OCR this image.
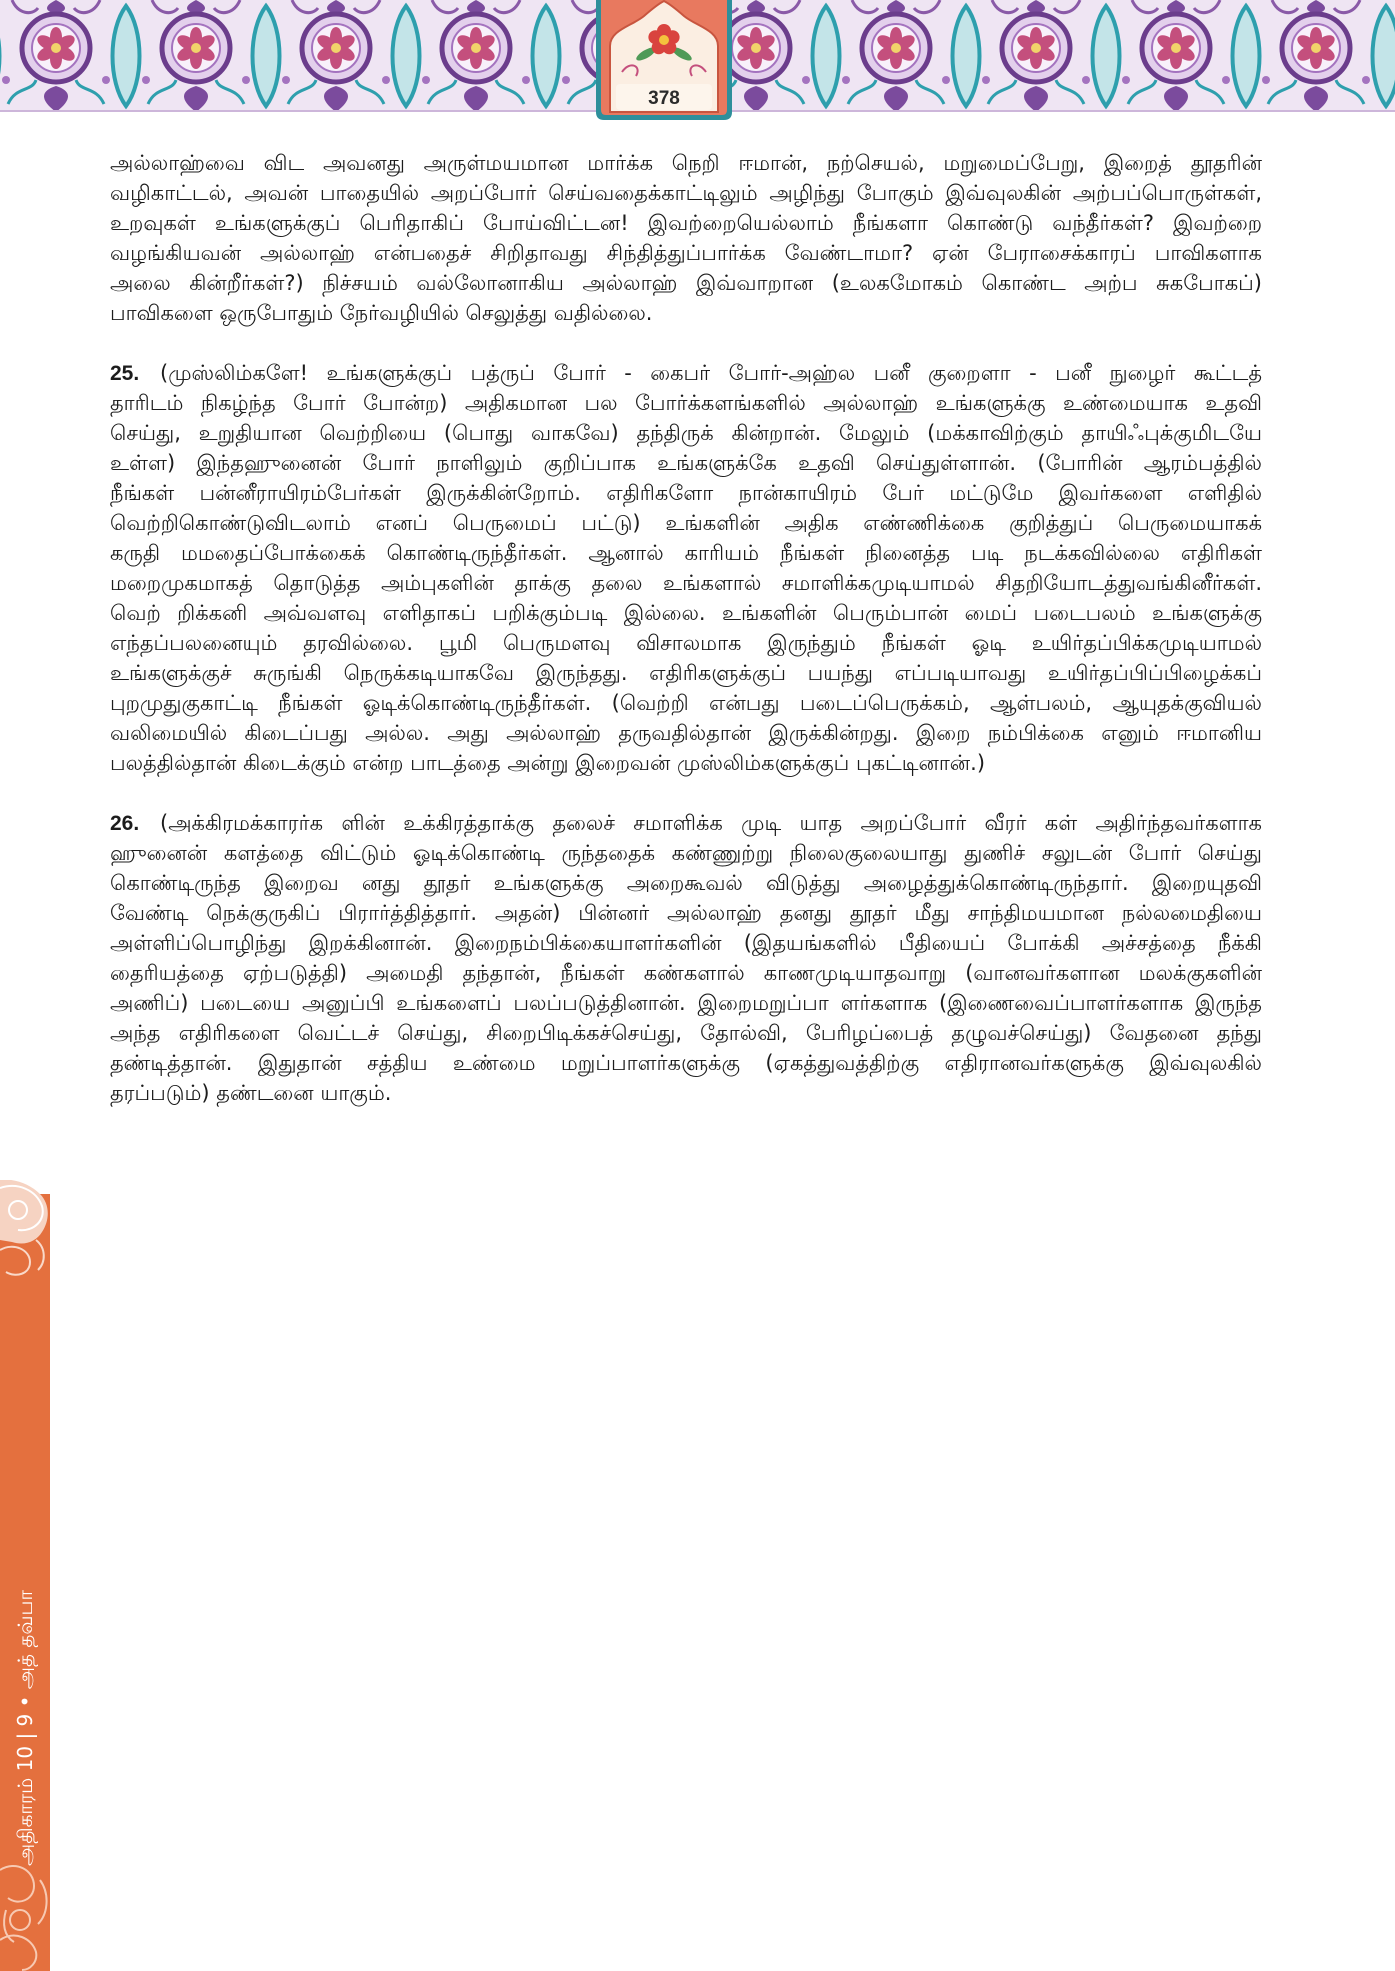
378
அல்லாஹ்வை விட அவனது அருள்மயமான மார்க்க நெறி ஈமான், நற்செயல், மறுமைப்பேறு, இறைத் தூதரின்
வழிகாட்டல், அவன் பாதையில் அறப்போர் செய்வதைக்காட்டிலும் அழிந்து போகும் இவ்வுலகின் அற்பப்பொருள்கள்,
உறவுகள் உங்களுக்குப் பெரிதாகிப் போய்விட்டன! இவற்றையெல்லாம் நீங்களா கொண்டு வந்தீர்கள்? இவற்றை
வழங்கியவன் அல்லாஹ் என்பதைச் சிறிதாவது சிந்தித்துப்பார்க்க வேண்டாமா? ஏன் பேராசைக்காரப் பாவிகளாக
அலை கின்றீர்கள்?) நிச்சயம் வல்லோனாகிய அல்லாஹ் இவ்வாறான (உலகமோகம் கொண்ட அற்ப சுகபோகப்)
பாவிகளை ஒருபோதும் நேர்வழியில் செலுத்து வதில்லை.
25. (முஸ்லிம்களே! உங்களுக்குப் பத்ருப் போர் - கைபர் போர்-அஹ்ல பனீ குறைளா - பனீ நுழைர் கூட்டத்
தாரிடம் நிகழ்ந்த போர் போன்ற) அதிகமான பல போர்க்களங்களில் அல்லாஹ் உங்களுக்கு உண்மையாக உதவி
செய்து, உறுதியான வெற்றியை (பொது வாகவே) தந்திருக் கின்றான். மேலும் (மக்காவிற்கும் தாயிஃபுக்குமிடயே
உள்ள) இந்தஹுனைன் போர் நாளிலும் குறிப்பாக உங்களுக்கே உதவி செய்துள்ளான். (போரின் ஆரம்பத்தில்
நீங்கள் பன்னீராயிரம்பேர்கள் இருக்கின்றோம். எதிரிகளோ நான்காயிரம் பேர் மட்டுமே இவர்களை எளிதில்
வெற்றிகொண்டுவிடலாம் எனப் பெருமைப் பட்டு) உங்களின் அதிக எண்ணிக்கை குறித்துப் பெருமையாகக்
கருதி மமதைப்போக்கைக் கொண்டிருந்தீர்கள். ஆனால் காரியம் நீங்கள் நினைத்த படி நடக்கவில்லை எதிரிகள்
மறைமுகமாகத் தொடுத்த அம்புகளின் தாக்கு தலை உங்களால் சமாளிக்கமுடியாமல் சிதறியோடத்துவங்கினீர்கள்.
வெற் றிக்கனி அவ்வளவு எளிதாகப் பறிக்கும்படி இல்லை. உங்களின் பெரும்பான் மைப் படைபலம் உங்களுக்கு
எந்தப்பலனையும் தரவில்லை. பூமி பெருமளவு விசாலமாக இருந்தும் நீங்கள் ஓடி உயிர்தப்பிக்கமுடியாமல்
உங்களுக்குச் சுருங்கி நெருக்கடியாகவே இருந்தது. எதிரிகளுக்குப் பயந்து எப்படியாவது உயிர்தப்பிப்பிழைக்கப்
புறமுதுகுகாட்டி நீங்கள் ஓடிக்கொண்டிருந்தீர்கள். (வெற்றி என்பது படைப்பெருக்கம், ஆள்பலம், ஆயுதக்குவியல்
வலிமையில் கிடைப்பது அல்ல. அது அல்லாஹ் தருவதில்தான் இருக்கின்றது. இறை நம்பிக்கை எனும் ஈமானிய
பலத்தில்தான் கிடைக்கும் என்ற பாடத்தை அன்று இறைவன் முஸ்லிம்களுக்குப் புகட்டினான்.)
26. (அக்கிரமக்காரர்க ளின் உக்கிரத்தாக்கு தலைச் சமாளிக்க முடி யாத அறப்போர் வீரர் கள் அதிர்ந்தவர்களாக
ஹுனைன் களத்தை விட்டும் ஓடிக்கொண்டி ருந்ததைக் கண்ணுற்று நிலைகுலையாது துணிச் சலுடன் போர் செய்து
கொண்டிருந்த இறைவ னது தூதர் உங்களுக்கு அறைகூவல் விடுத்து அழைத்துக்கொண்டிருந்தார். இறையுதவி
வேண்டி நெக்குருகிப் பிரார்த்தித்தார். அதன்) பின்னர் அல்லாஹ் தனது தூதர் மீது சாந்திமயமான நல்லமைதியை
அள்ளிப்பொழிந்து இறக்கினான். இறைநம்பிக்கையாளர்களின் (இதயங்களில் பீதியைப் போக்கி அச்சத்தை நீக்கி
தைரியத்தை ஏற்படுத்தி) அமைதி தந்தான், நீங்கள் கண்களால் காணமுடியாதவாறு (வானவர்களான மலக்குகளின்
அணிப்) படையை அனுப்பி உங்களைப் பலப்படுத்தினான். இறைமறுப்பா ளர்களாக (இணைவைப்பாளர்களாக இருந்த
அந்த எதிரிகளை வெட்டச் செய்து, சிறைபிடிக்கச்செய்து, தோல்வி, பேரிழப்பைத் தழுவச்செய்து) வேதனை தந்து
தண்டித்தான். இதுதான் சத்திய உண்மை மறுப்பாளர்களுக்கு (ஏகத்துவத்திற்கு எதிரானவர்களுக்கு இவ்வுலகில்
தரப்படும்) தண்டனை யாகும்.
அதிகாரம் 10 | 9 • அத் தவ்பா
